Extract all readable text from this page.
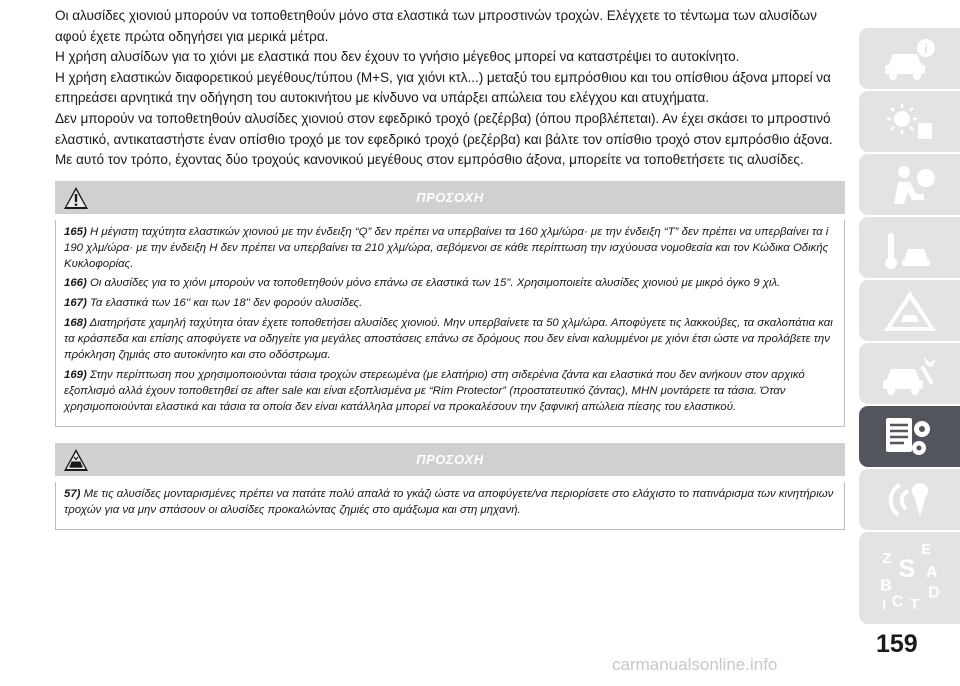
Οι αλυσίδες χιονιού μπορούν να τοποθετηθούν μόνο στα ελαστικά των μπροστινών τροχών. Ελέγχετε το τέντωμα των αλυσίδων αφού έχετε πρώτα οδηγήσει για μερικά μέτρα.

Η χρήση αλυσίδων για το χιόνι με ελαστικά που δεν έχουν το γνήσιο μέγεθος μπορεί να καταστρέψει το αυτοκίνητο.

Η χρήση ελαστικών διαφορετικού μεγέθους/τύπου (M+S, για χιόνι κτλ...) μεταξύ του εμπρόσθιου και του οπίσθιου άξονα μπορεί να επηρεάσει αρνητικά την οδήγηση του αυτοκινήτου με κίνδυνο να υπάρξει απώλεια του ελέγχου και ατυχήματα.

Δεν μπορούν να τοποθετηθούν αλυσίδες χιονιού στον εφεδρικό τροχό (ρεζέρβα) (όπου προβλέπεται). Αν έχει σκάσει το μπροστινό ελαστικό, αντικαταστήστε έναν οπίσθιο τροχό με τον εφεδρικό τροχό (ρεζέρβα) και βάλτε τον οπίσθιο τροχό στον εμπρόσθιο άξονα. Με αυτό τον τρόπο, έχοντας δύο τροχούς κανονικού μεγέθους στον εμπρόσθιο άξονα, μπορείτε να τοποθετήσετε τις αλυσίδες.

ΠΡΟΣΟΧΗ

165) Η μέγιστη ταχύτητα ελαστικών χιονιού με την ένδειξη “Q” δεν πρέπει να υπερβαίνει τα 160 χλμ/ώρα· με την ένδειξη “T” δεν πρέπει να υπερβαίνει τα i 190 χλμ/ώρα· με την ένδειξη H δεν πρέπει να υπερβαίνει τα 210 χλμ/ώρα, σεβόμενοι σε κάθε περίπτωση την ισχύουσα νομοθεσία και τον Κώδικα Οδικής Κυκλοφορίας.

166) Οι αλυσίδες για το χιόνι μπορούν να τοποθετηθούν μόνο επάνω σε ελαστικά των 15". Χρησιμοποιείτε αλυσίδες χιονιού με μικρό όγκο 9 χιλ.

167) Τα ελαστικά των 16'' και των 18'' δεν φορούν αλυσίδες.

168) Διατηρήστε χαμηλή ταχύτητα όταν έχετε τοποθετήσει αλυσίδες χιονιού. Μην υπερβαίνετε τα 50 χλμ/ώρα. Αποφύγετε τις λακκούβες, τα σκαλοπάτια και τα κράσπεδα και επίσης αποφύγετε να οδηγείτε για μεγάλες αποστάσεις επάνω σε δρόμους που δεν είναι καλυμμένοι με χιόνι έτσι ώστε να προλάβετε την πρόκληση ζημιάς στο αυτοκίνητο και στο οδόστρωμα.

169) Στην περίπτωση που χρησιμοποιούνται τάσια τροχών στερεωμένα (με ελατήριο) στη σιδερένια ζάντα και ελαστικά που δεν ανήκουν στον αρχικό εξοπλισμό αλλά έχουν τοποθετηθεί σε after sale και είναι εξοπλισμένα με “Rim Protector” (προστατευτικό ζάντας), ΜΗΝ μοντάρετε τα τάσια. Όταν χρησιμοποιούνται ελαστικά και τάσια τα οποία δεν είναι κατάλληλα μπορεί να προκαλέσουν την ξαφνική απώλεια πίεσης του ελαστικού.

ΠΡΟΣΟΧΗ

57) Με τις αλυσίδες μονταρισμένες πρέπει να πατάτε πολύ απαλά το γκάζι ώστε να αποφύγετε/να περιορίσετε στο ελάχιστο το πατινάρισμα των κινητήριων τροχών για να μην σπάσουν οι αλυσίδες προκαλώντας ζημιές στο αμάξωμα και στη μηχανή.

i
Z
E
S A
B
C
D
T
I
159
carmanualsonline.info
